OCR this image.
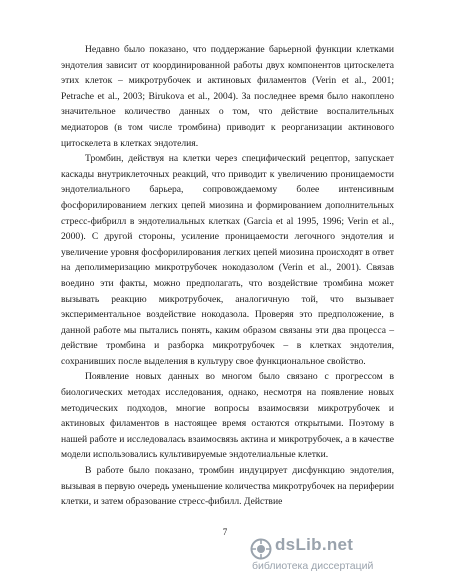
Недавно было показано, что поддержание барьерной функции клетками эндотелия зависит от координированной работы двух компонентов цитоскелета этих клеток – микротрубочек и актиновых филаментов (Verin et al., 2001; Petrache et al., 2003; Birukova et al., 2004). За последнее время было накоплено значительное количество данных о том, что действие воспалительных медиаторов (в том числе тромбина) приводит к реорганизации актинового цитоскелета в клетках эндотелия.

Тромбин, действуя на клетки через специфический рецептор, запускает каскады внутриклеточных реакций, что приводит к увеличению проницаемости эндотелиального барьера, сопровождаемому более интенсивным фосфорилированием легких цепей миозина и формированием дополнительных стресс-фибрилл в эндотелиальных клетках (Garcia et al 1995, 1996; Verin et al., 2000). С другой стороны, усиление проницаемости легочного эндотелия и увеличение уровня фосфорилирования легких цепей миозина происходят в ответ на деполимеризацию микротрубочек нокодазолом (Verin et al., 2001). Связав воедино эти факты, можно предполагать, что воздействие тромбина может вызывать реакцию микротрубочек, аналогичную той, что вызывает экспериментальное воздействие нокодазола. Проверяя это предположение, в данной работе мы пытались понять, каким образом связаны эти два процесса – действие тромбина и разборка микротрубочек – в клетках эндотелия, сохранивших после выделения в культуру свое функциональное свойство.

Появление новых данных во многом было связано с прогрессом в биологических методах исследования, однако, несмотря на появление новых методических подходов, многие вопросы взаимосвязи микротрубочек и актиновых филаментов в настоящее время остаются открытыми. Поэтому в нашей работе и исследовалась взаимосвязь актина и микротрубочек, а в качестве модели использовались культивируемые эндотелиальные клетки.

В работе было показано, тромбин индуцирует дисфункцию эндотелия, вызывая в первую очередь уменьшение количества микротрубочек на периферии клетки, и затем образование стресс-фибилл. Действие

7
dsLib.net
библиотека диссертаций
